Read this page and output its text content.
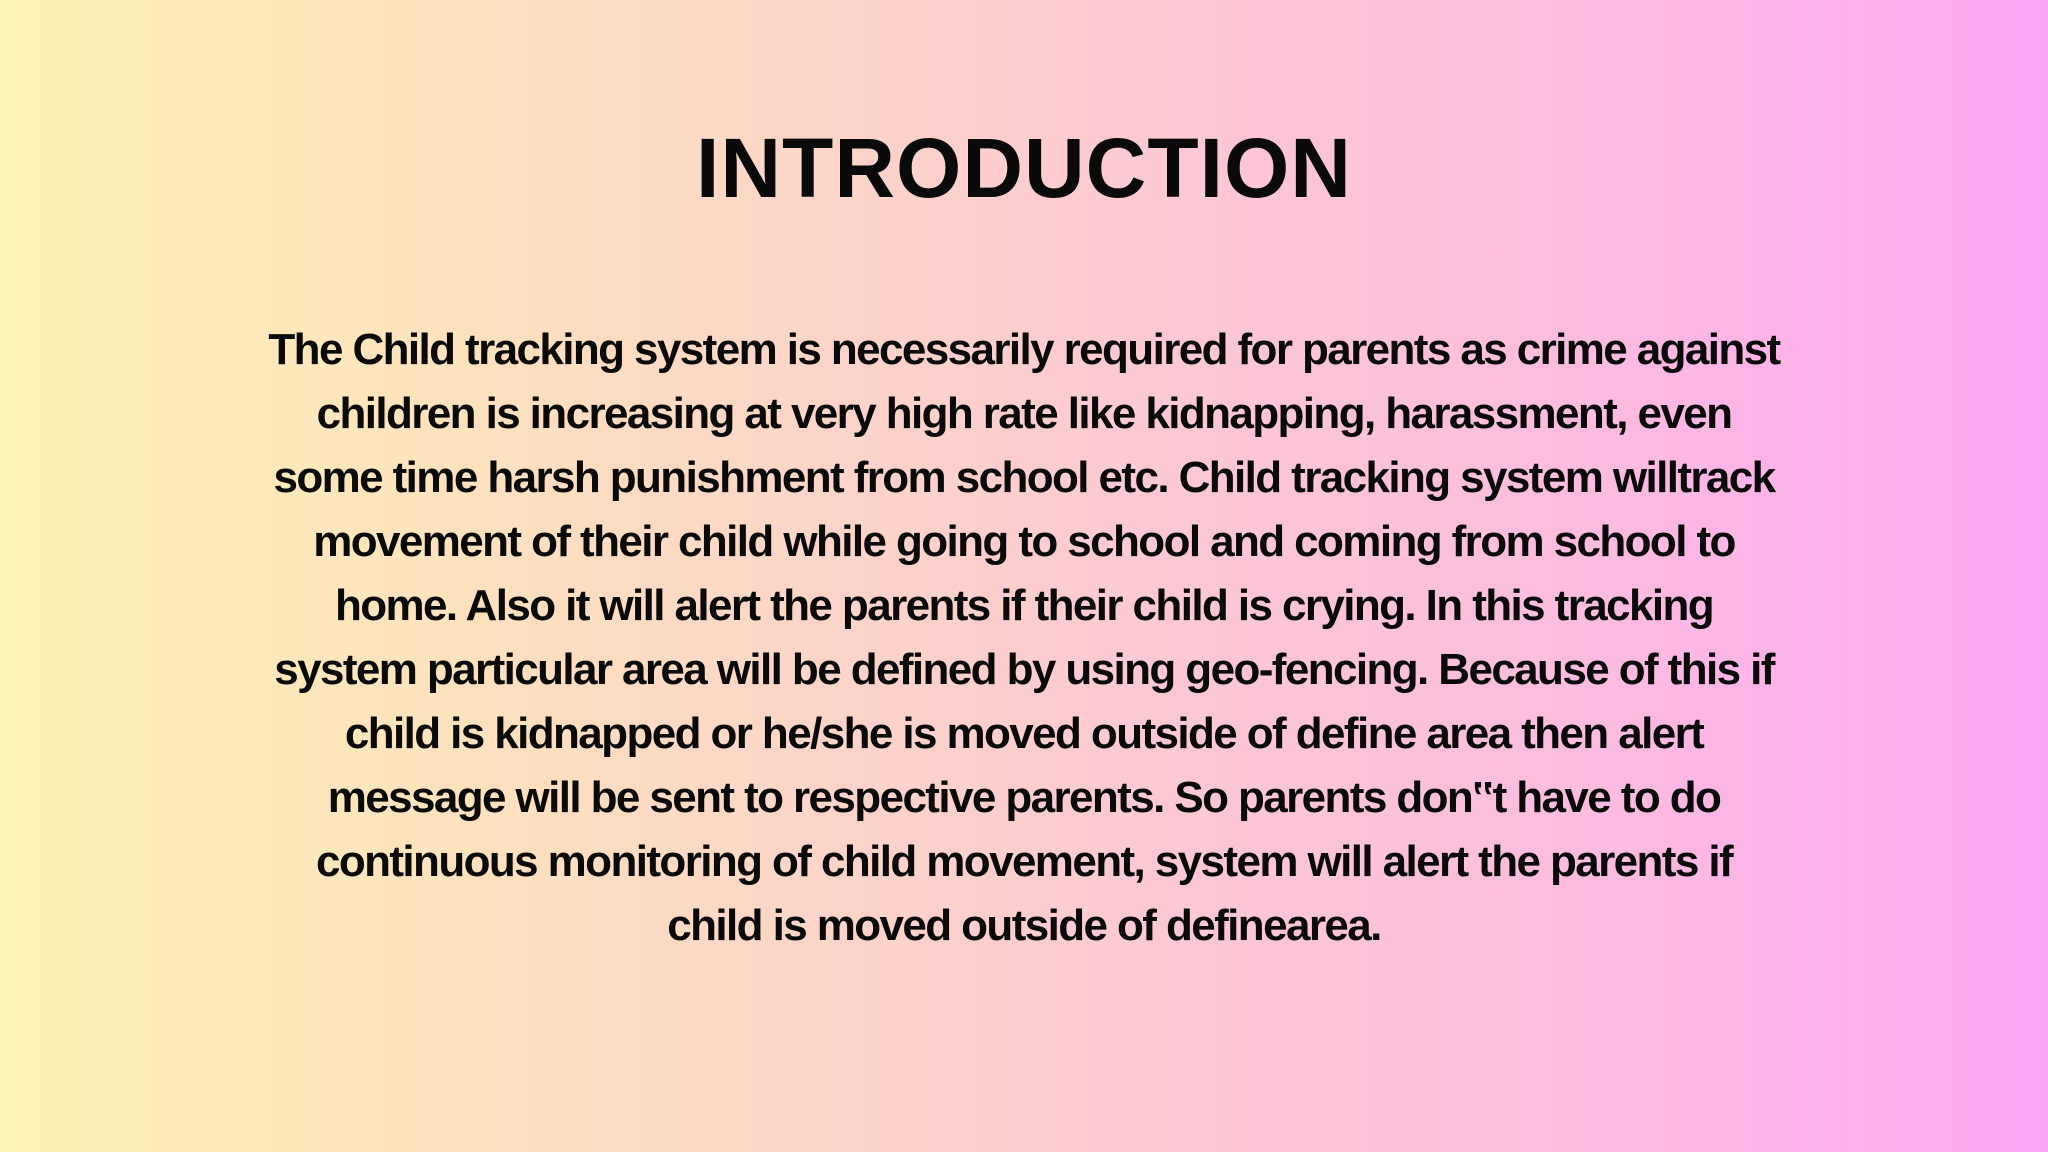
INTRODUCTION
The Child tracking system is necessarily required for parents as crime against
children is increasing at very high rate like kidnapping, harassment, even
some time harsh punishment from school etc. Child tracking system willtrack
movement of their child while going to school and coming from school to
home. Also it will alert the parents if their child is crying. In this tracking
system particular area will be defined by using geo-fencing. Because of this if
child is kidnapped or he/she is moved outside of define area then alert
message will be sent to respective parents. So parents don‟t have to do
continuous monitoring of child movement, system will alert the parents if
child is moved outside of definearea.
